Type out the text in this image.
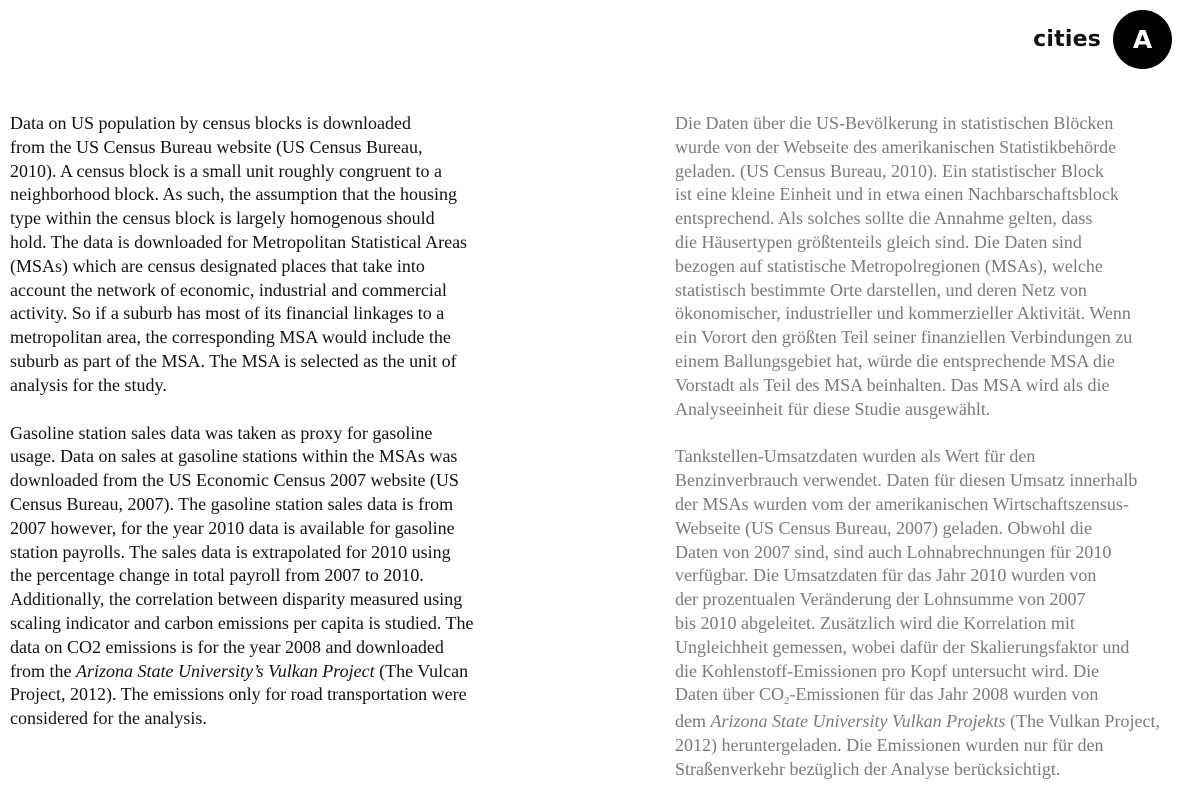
cities	A
Data on US population by census blocks is downloaded
from the US Census Bureau website (US Census Bureau,
2010). A census block is a small unit roughly congruent to a
neighborhood block. As such, the assumption that the housing
type within the census block is largely homogenous should
hold. The data is downloaded for Metropolitan Statistical Areas
(MSAs) which are census designated places that take into
account the network of economic, industrial and commercial
activity. So if a suburb has most of its financial linkages to a
metropolitan area, the corresponding MSA would include the
suburb as part of the MSA. The MSA is selected as the unit of
analysis for the study.
Gasoline station sales data was taken as proxy for gasoline
usage. Data on sales at gasoline stations within the MSAs was
downloaded from the US Economic Census 2007 website (US
Census Bureau, 2007). The gasoline station sales data is from
2007 however, for the year 2010 data is available for gasoline
station payrolls. The sales data is extrapolated for 2010 using
the percentage change in total payroll from 2007 to 2010.
Additionally, the correlation between disparity measured using
scaling indicator and carbon emissions per capita is studied. The
data on CO2 emissions is for the year 2008 and downloaded
from the Arizona State University’s Vulkan Project (The Vulcan
Project, 2012). The emissions only for road transportation were
considered for the analysis.
Die Daten über die US-Bevölkerung in statistischen Blöcken
wurde von der Webseite des amerikanischen Statistikbehörde
geladen. (US Census Bureau, 2010). Ein statistischer Block
ist eine kleine Einheit und in etwa einen Nachbarschaftsblock
entsprechend. Als solches sollte die Annahme gelten, dass
die Häusertypen größtenteils gleich sind. Die Daten sind
bezogen auf statistische Metropolregionen (MSAs), welche
statistisch bestimmte Orte darstellen, und deren Netz von
ökonomischer, industrieller und kommerzieller Aktivität. Wenn
ein Vorort den größten Teil seiner finanziellen Verbindungen zu
einem Ballungsgebiet hat, würde die entsprechende MSA die
Vorstadt als Teil des MSA beinhalten. Das MSA wird als die
Analyseeinheit für diese Studie ausgewählt.
Tankstellen-Umsatzdaten wurden als Wert für den
Benzinverbrauch verwendet. Daten für diesen Umsatz innerhalb
der MSAs wurden vom der amerikanischen Wirtschaftszensus-
Webseite (US Census Bureau, 2007) geladen. Obwohl die
Daten von 2007 sind, sind auch Lohnabrechnungen für 2010
verfügbar. Die Umsatzdaten für das Jahr 2010 wurden von
der prozentualen Veränderung der Lohnsumme von 2007
bis 2010 abgeleitet. Zusätzlich wird die Korrelation mit
Ungleichheit gemessen, wobei dafür der Skalierungsfaktor und
die Kohlenstoff-Emissionen pro Kopf untersucht wird. Die
Daten über $CO_2$-Emissionen für das Jahr 2008 wurden von
dem Arizona State University Vulkan Projekts (The Vulkan Project,
2012) heruntergeladen. Die Emissionen wurden nur für den
Straßenverkehr bezüglich der Analyse berücksichtigt.
